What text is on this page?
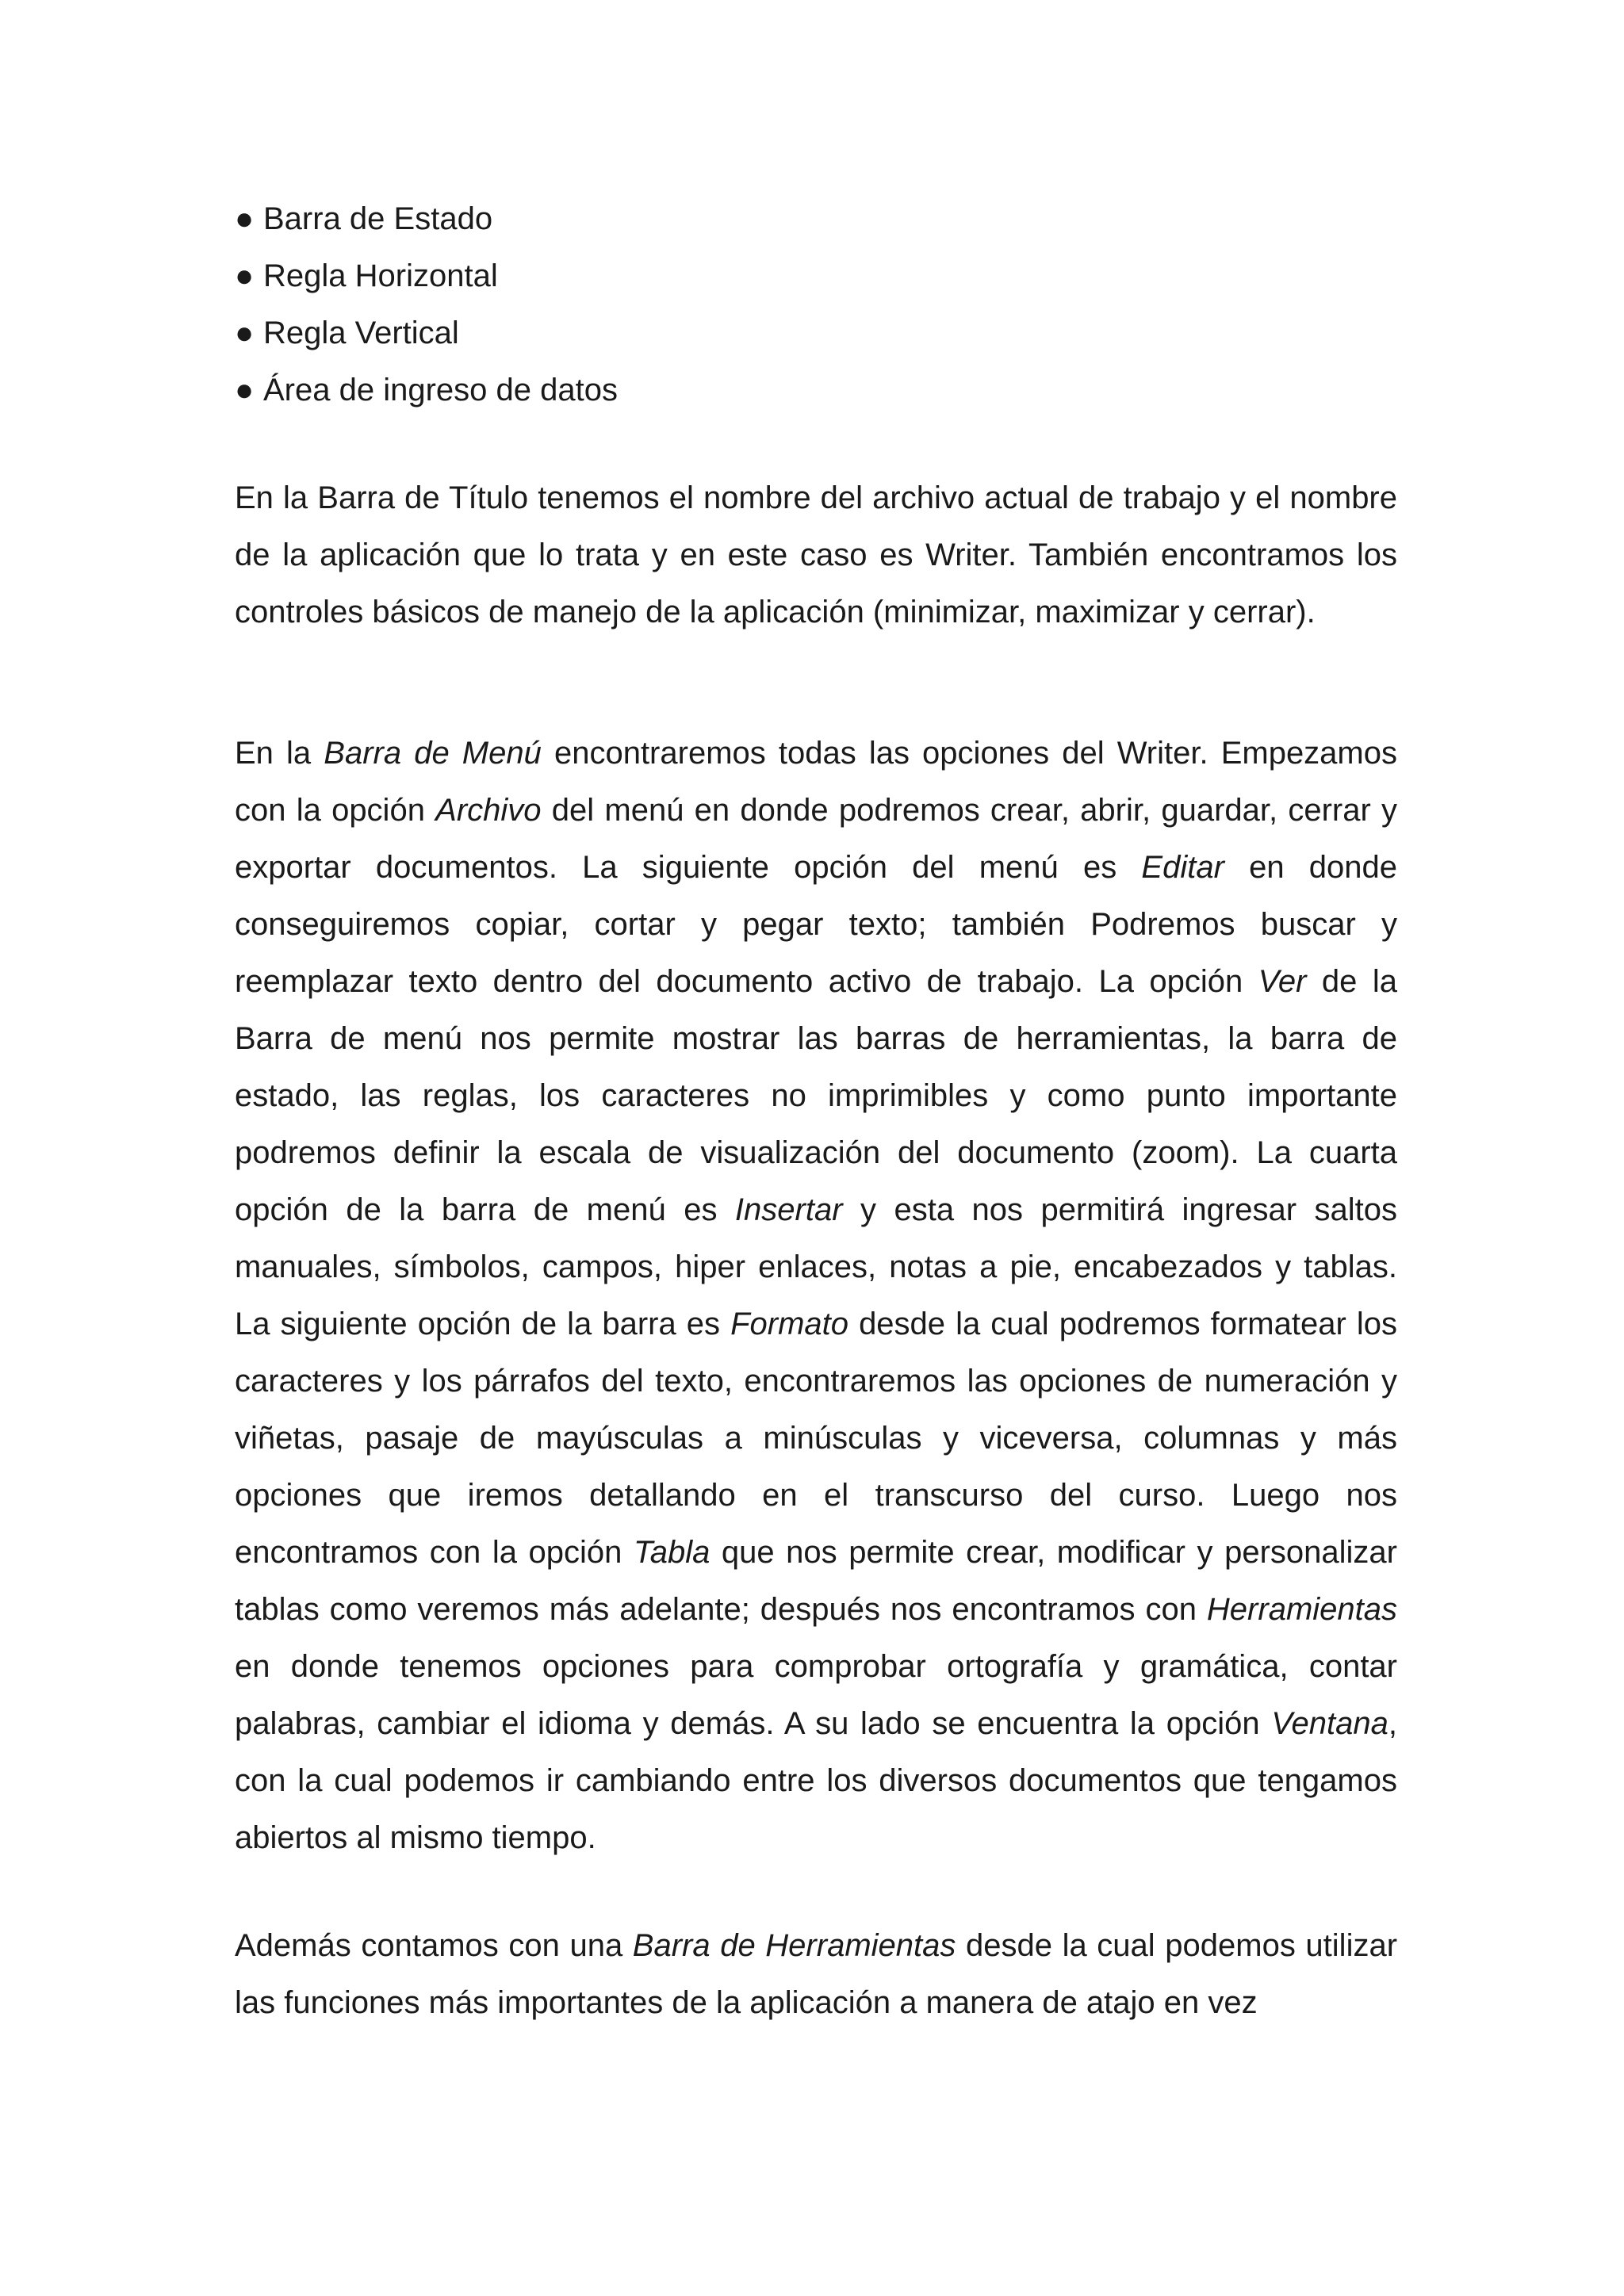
● Barra de Estado
● Regla Horizontal
● Regla Vertical
● Área de ingreso de datos

En la Barra de Título tenemos el nombre del archivo actual de trabajo y el nombre de la aplicación que lo trata y en este caso es Writer. También encontramos los controles básicos de manejo de la aplicación (minimizar, maximizar y cerrar).

En la Barra de Menú encontraremos todas las opciones del Writer. Empezamos con la opción Archivo del menú en donde podremos crear, abrir, guardar, cerrar y exportar documentos. La siguiente opción del menú es Editar en donde conseguiremos copiar, cortar y pegar texto; también Podremos buscar y reemplazar texto dentro del documento activo de trabajo. La opción Ver de la Barra de menú nos permite mostrar las barras de herramientas, la barra de estado, las reglas, los caracteres no imprimibles y como punto importante podremos definir la escala de visualización del documento (zoom). La cuarta opción de la barra de menú es Insertar y esta nos permitirá ingresar saltos manuales, símbolos, campos, hiper enlaces, notas a pie, encabezados y tablas. La siguiente opción de la barra es Formato desde la cual podremos formatear los caracteres y los párrafos del texto, encontraremos las opciones de numeración y viñetas, pasaje de mayúsculas a minúsculas y viceversa, columnas y más opciones que iremos detallando en el transcurso del curso. Luego nos encontramos con la opción Tabla que nos permite crear, modificar y personalizar tablas como veremos más adelante; después nos encontramos con Herramientas en donde tenemos opciones para comprobar ortografía y gramática, contar palabras, cambiar el idioma y demás. A su lado se encuentra la opción Ventana, con la cual podemos ir cambiando entre los diversos documentos que tengamos abiertos al mismo tiempo.

Además contamos con una Barra de Herramientas desde la cual podemos utilizar las funciones más importantes de la aplicación a manera de atajo en vez
